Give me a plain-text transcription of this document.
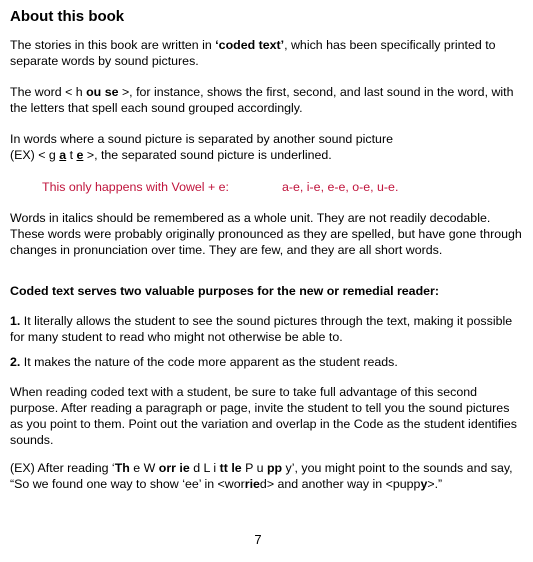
About this book

The stories in this book are written in ‘coded text’, which has been specifically printed to separate words by sound pictures.

The word < h ou se >, for instance, shows the first, second, and last sound in the word, with the letters that spell each sound grouped accordingly.

In words where a sound picture is separated by another sound picture
(EX) < g a t e >, the separated sound picture is underlined.

This only happens with Vowel + e:	a-e, i-e, e-e, o-e, u-e.

Words in italics should be remembered as a whole unit. They are not readily decodable. These words were probably originally pronounced as they are spelled, but have gone through changes in pronunciation over time. They are few, and they are all short words.

Coded text serves two valuable purposes for the new or remedial reader:

1. It literally allows the student to see the sound pictures through the text, making it possible for many student to read who might not otherwise be able to.

2. It makes the nature of the code more apparent as the student reads.

When reading coded text with a student, be sure to take full advantage of this second purpose. After reading a paragraph or page, invite the student to tell you the sound pictures as you point to them. Point out the variation and overlap in the Code as the student identifies sounds.

(EX) After reading ‘Th e W orr ie d L i tt le P u pp y’, you might point to the sounds and say, “So we found one way to show ‘ee’ in <worried> and another way in <puppy>.”

7
